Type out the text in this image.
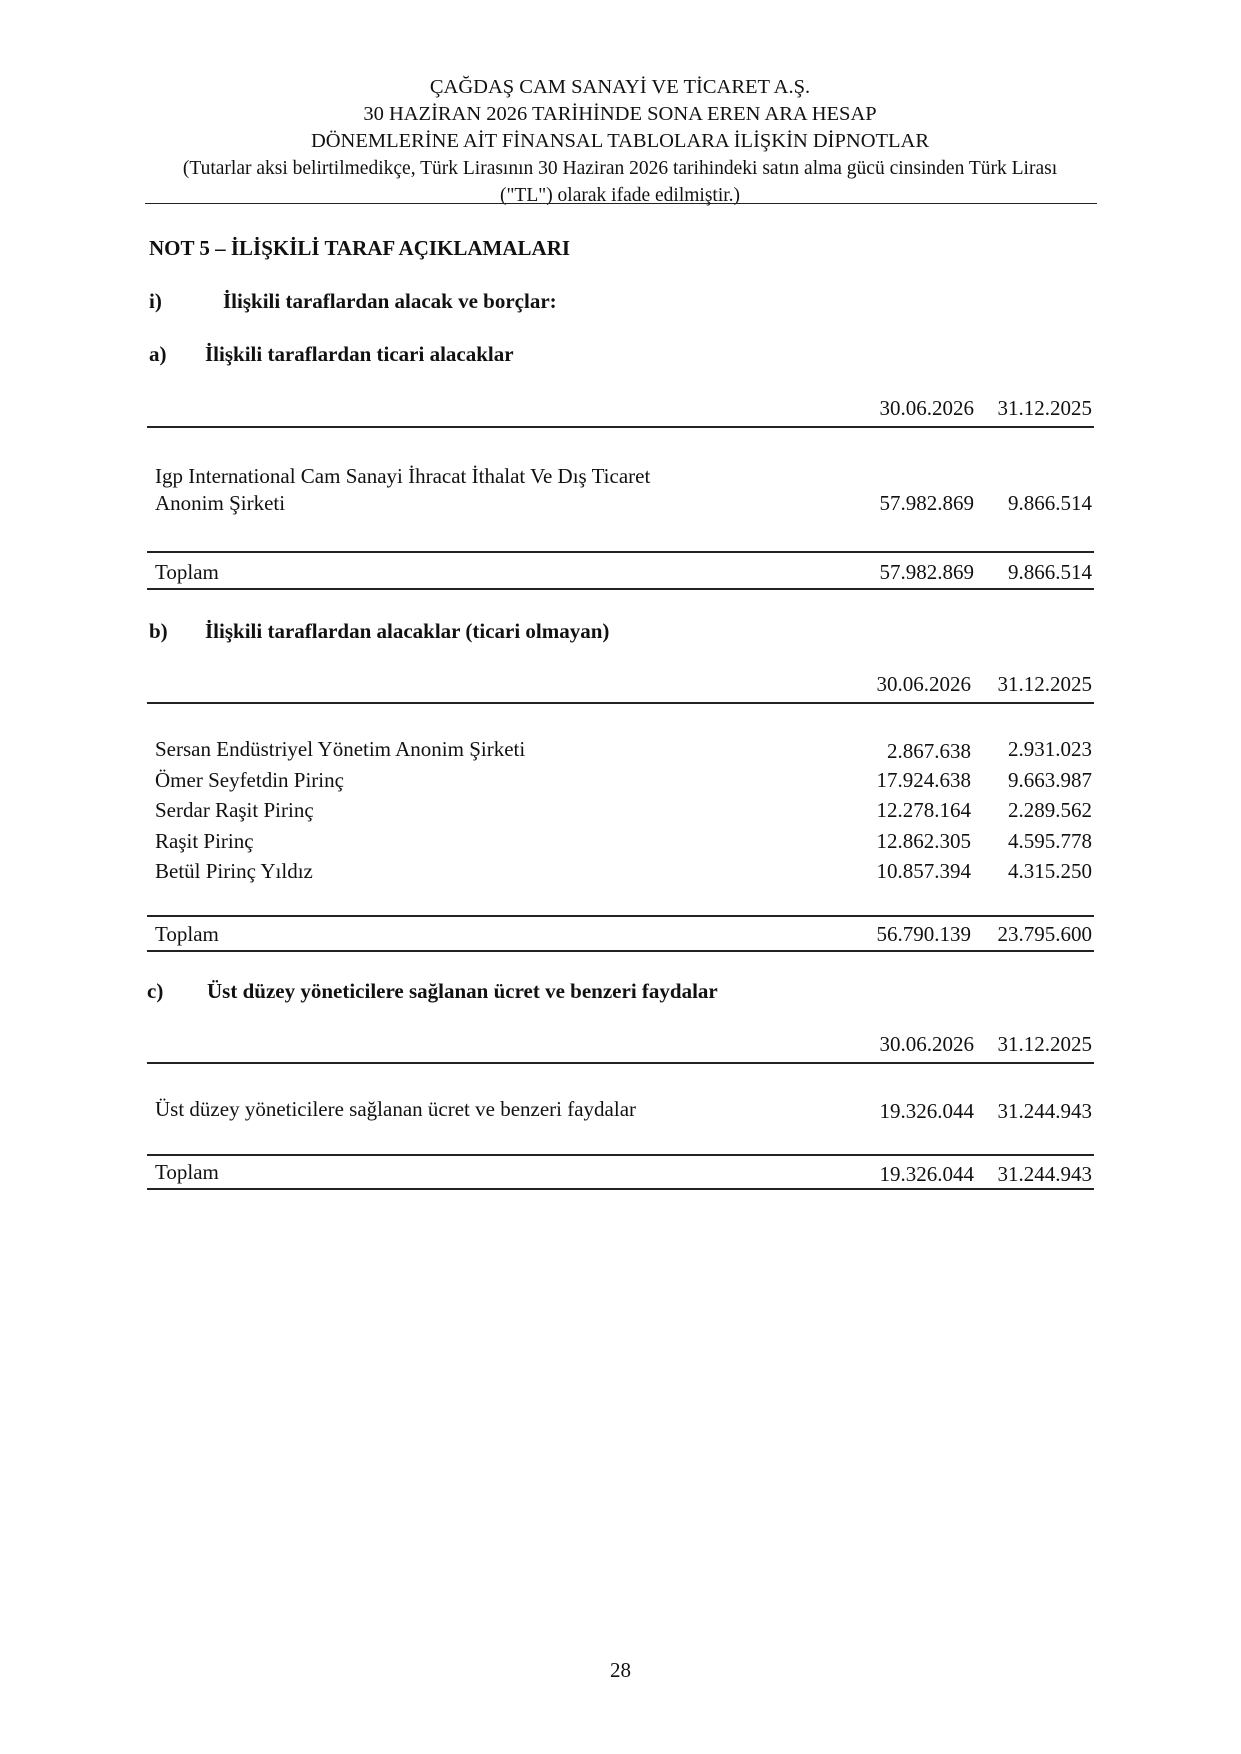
ÇAĞDAŞ CAM SANAYİ VE TİCARET A.Ş.
30 HAZİRAN 2026 TARİHİNDE SONA EREN ARA HESAP
DÖNEMLERİNE AİT FİNANSAL TABLOLARA İLİŞKİN DİPNOTLAR
(Tutarlar aksi belirtilmedikçe, Türk Lirasının 30 Haziran 2026 tarihindeki satın alma gücü cinsinden Türk Lirası
("TL") olarak ifade edilmiştir.)
NOT 5 – İLİŞKİLİ TARAF AÇIKLAMALARI
i)	İlişkili taraflardan alacak ve borçlar:
a) İlişkili taraflardan ticari alacaklar
30.06.2026 31.12.2025
Igp International Cam Sanayi İhracat İthalat Ve Dış Ticaret
Anonim Şirketi	57.982.869 9.866.514
Toplam	57.982.869 9.866.514
b) İlişkili taraflardan alacaklar (ticari olmayan)
30.06.2026 31.12.2025
Sersan Endüstriyel Yönetim Anonim Şirketi	2.867.638 2.931.023
Ömer Seyfetdin Pirinç	17.924.638 9.663.987
Serdar Raşit Pirinç	12.278.164 2.289.562
Raşit Pirinç	12.862.305 4.595.778
Betül Pirinç Yıldız	10.857.394 4.315.250
Toplam	56.790.139 23.795.600
c) Üst düzey yöneticilere sağlanan ücret ve benzeri faydalar
30.06.2026 31.12.2025
Üst düzey yöneticilere sağlanan ücret ve benzeri faydalar	19.326.044 31.244.943
Toplam	19.326.044 31.244.943
28
